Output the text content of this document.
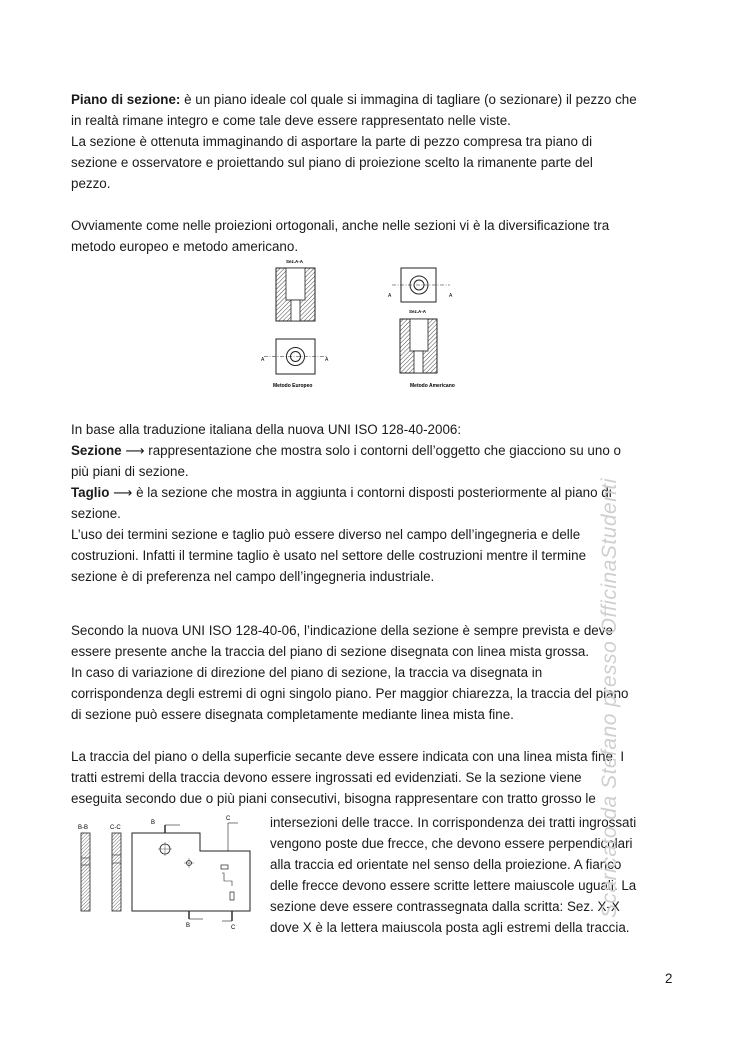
Piano di sezione: è un piano ideale col quale si immagina di tagliare (o sezionare) il pezzo che

in realtà rimane integro e come tale deve essere rappresentato nelle viste.

La sezione è ottenuta immaginando di asportare la parte di pezzo compresa tra piano di

sezione e osservatore e proiettando sul piano di proiezione scelto la rimanente parte del

pezzo.

Ovviamente come nelle proiezioni ortogonali, anche nelle sezioni vi è la diversificazione tra

metodo europeo e metodo americano.

Sez.A-A
A	A
Metodo Europeo
A	A
Sez.A-A
Metodo Americano

In base alla traduzione italiana della nuova UNI ISO 128-40-2006:

Sezione ⟶ rappresentazione che mostra solo i contorni dell’oggetto che giacciono su uno o

più piani di sezione.

Taglio ⟶ è la sezione che mostra in aggiunta i contorni disposti posteriormente al piano di

sezione.

L’uso dei termini sezione e taglio può essere diverso nel campo dell’ingegneria e delle

costruzioni. Infatti il termine taglio è usato nel settore delle costruzioni mentre il termine

sezione è di preferenza nel campo dell’ingegneria industriale.

Secondo la nuova UNI ISO 128-40-06, l’indicazione della sezione è sempre prevista e deve

essere presente anche la traccia del piano di sezione disegnata con linea mista grossa.

In caso di variazione di direzione del piano di sezione, la traccia va disegnata in

corrispondenza degli estremi di ogni singolo piano. Per maggior chiarezza, la traccia del piano

di sezione può essere disegnata completamente mediante linea mista fine.

La traccia del piano o della superficie secante deve essere indicata con una linea mista fine. I

tratti estremi della traccia devono essere ingrossati ed evidenziati. Se la sezione viene

eseguita secondo due o più piani consecutivi, bisogna rappresentare con tratto grosso le

B-B	C-C
B
B
C
C

intersezioni delle tracce. In corrispondenza dei tratti ingrossati

vengono poste due frecce, che devono essere perpendicolari

alla traccia ed orientate nel senso della proiezione. A fianco

delle frecce devono essere scritte lettere maiuscole uguali. La

sezione deve essere contrassegnata dalla scritta: Sez. X-X

dove X è la lettera maiuscola posta agli estremi della traccia.

Scaricato da Stefano presso OfficinaStudenti
2
